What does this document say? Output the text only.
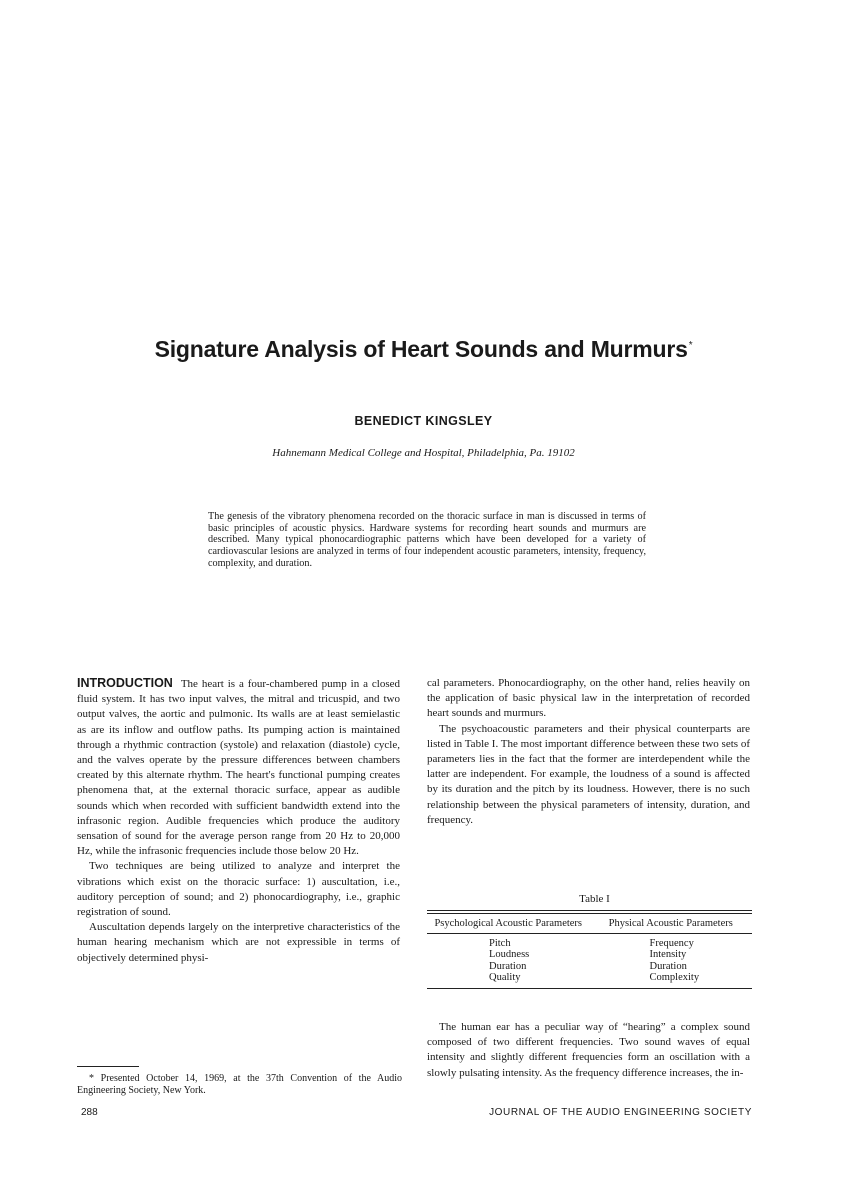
Signature Analysis of Heart Sounds and Murmurs*
BENEDICT KINGSLEY
Hahnemann Medical College and Hospital, Philadelphia, Pa. 19102
The genesis of the vibratory phenomena recorded on the thoracic surface in man is discussed in terms of basic principles of acoustic physics. Hardware systems for recording heart sounds and murmurs are described. Many typical phonocardiographic patterns which have been developed for a variety of cardiovascular lesions are analyzed in terms of four independent acoustic parameters, intensity, frequency, complexity, and duration.

INTRODUCTION The heart is a four-chambered pump in a closed fluid system. It has two input valves, the mitral and tricuspid, and two output valves, the aortic and pulmonic. Its walls are at least semielastic as are its inflow and outflow paths. Its pumping action is maintained through a rhythmic contraction (systole) and relaxation (diastole) cycle, and the valves operate by the pressure differences between chambers created by this alternate rhythm. The heart's functional pumping creates phenomena that, at the external thoracic surface, appear as audible sounds which when recorded with sufficient bandwidth extend into the infrasonic region. Audible frequencies which produce the auditory sensation of sound for the average person range from 20 Hz to 20,000 Hz, while the infrasonic frequencies include those below 20 Hz.

Two techniques are being utilized to analyze and interpret the vibrations which exist on the thoracic surface: 1) auscultation, i.e., auditory perception of sound; and 2) phonocardiography, i.e., graphic registration of sound.

Auscultation depends largely on the interpretive characteristics of the human hearing mechanism which are not expressible in terms of objectively determined physi-

cal parameters. Phonocardiography, on the other hand, relies heavily on the application of basic physical law in the interpretation of recorded heart sounds and murmurs.

The psychoacoustic parameters and their physical counterparts are listed in Table I. The most important difference between these two sets of parameters lies in the fact that the former are interdependent while the latter are independent. For example, the loudness of a sound is affected by its duration and the pitch by its loudness. However, there is no such relationship between the physical parameters of intensity, duration, and frequency.

Table I
Psychological Acoustic Parameters	Physical Acoustic Parameters

Pitch	Frequency
Loudness	Intensity
Duration	Duration
Quality	Complexity

The human ear has a peculiar way of “hearing” a complex sound composed of two different frequencies. Two sound waves of equal intensity and slightly different frequencies form an oscillation with a slowly pulsating intensity. As the frequency difference increases, the in-

* Presented October 14, 1969, at the 37th Convention of the Audio Engineering Society, New York.

288	JOURNAL OF THE AUDIO ENGINEERING SOCIETY
